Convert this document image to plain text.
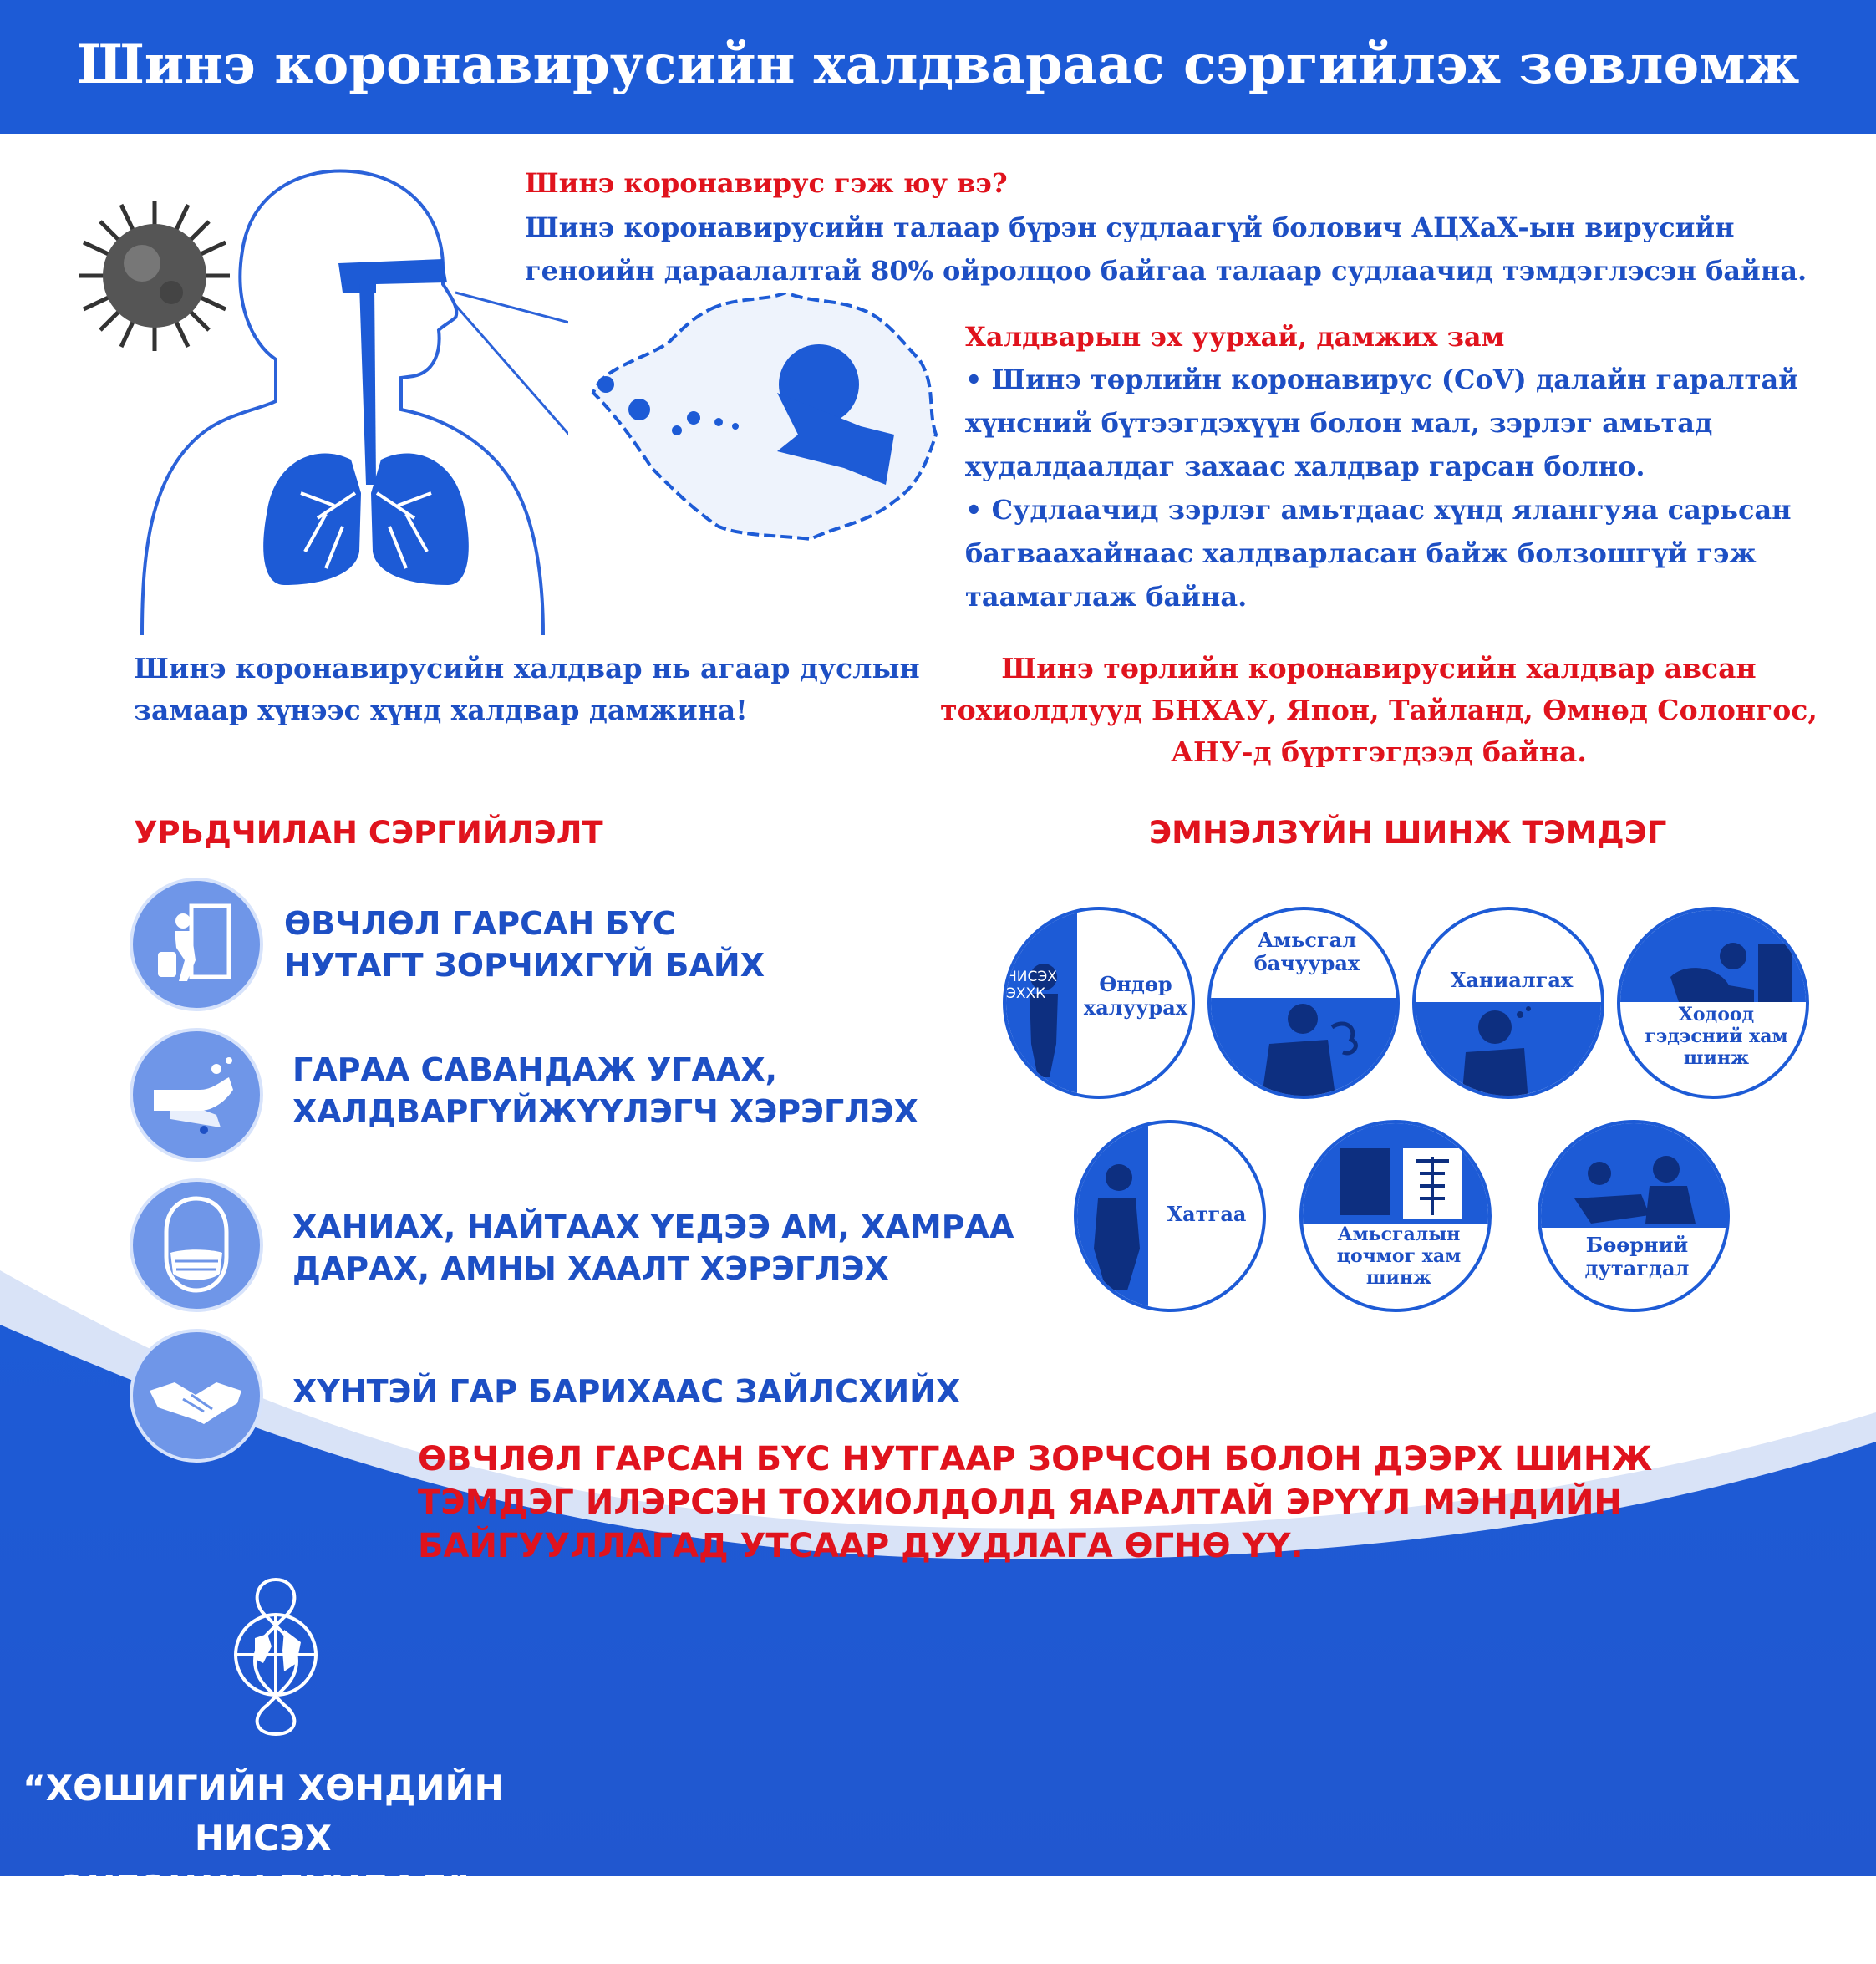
Шинэ коронавирусийн халдвараас сэргийлэх зөвлөмж
Шинэ коронавирус гэж юу вэ?
Шинэ коронавирусийн талаар бүрэн судлаагүй болович АЦХаХ-ын вирусийн
геноийн дараалалтай 80% ойролцоо байгаа талаар судлаачид тэмдэглэсэн байна.
Халдварын эх уурхай, дамжих зам
• Шинэ төрлийн коронавирус (CoV) далайн гаралтай
хүнсний бүтээгдэхүүн болон мал, зэрлэг амьтад
худалдаалдаг захаас халдвар гарсан болно.
• Судлаачид зэрлэг амьтдаас хүнд ялангуяа сарьсан
багваахайнаас халдварласан байж болзошгүй гэж
таамаглаж байна.
Шинэ коронавирусийн халдвар нь агаар дуслын
замаар хүнээс хүнд халдвар дамжина!
Шинэ төрлийн коронавирусийн халдвар авсан тохиолдлууд БНХАУ, Япон, Тайланд, Өмнөд Солонгос, АНУ-д бүртгэгдээд байна.
УРЬДЧИЛАН СЭРГИЙЛЭЛТ	ЭМНЭЛЗҮЙН ШИНЖ ТЭМДЭГ
ӨВЧЛӨЛ ГАРСАН БҮС
НУТАГТ ЗОРЧИХГҮЙ БАЙХ
ГАРАА САВАНДАЖ УГААХ,
ХАЛДВАРГҮЙЖҮҮЛЭГЧ ХЭРЭГЛЭХ
ХАНИАХ, НАЙТААХ ҮЕДЭЭ АМ, ХАМРАА
ДАРАХ, АМНЫ ХААЛТ ХЭРЭГЛЭХ
ХҮНТЭЙ ГАР БАРИХААС ЗАЙЛСХИЙХ
НИСЭХ ЭХХК	Өндөр халуурах
Амьсгал бачуурах
Ханиалгах
Ходоод гэдэсний хам шинж
Хатгаа
Амьсгалын цочмог хам шинж
Бөөрний дутагдал
ӨВЧЛӨЛ ГАРСАН БҮС НУТГААР ЗОРЧСОН БОЛОН ДЭЭРХ ШИНЖ
ТЭМДЭГ ИЛЭРСЭН ТОХИОЛДОЛД ЯАРАЛТАЙ ЭРҮҮЛ МЭНДИЙН
БАЙГУУЛЛАГАД УТСААР ДУУДЛАГА ӨГНӨ ҮҮ.
“ХӨШИГИЙН ХӨНДИЙН НИСЭХ
ОНГОЦНЫ БУУДАЛ” ТӨХХК
